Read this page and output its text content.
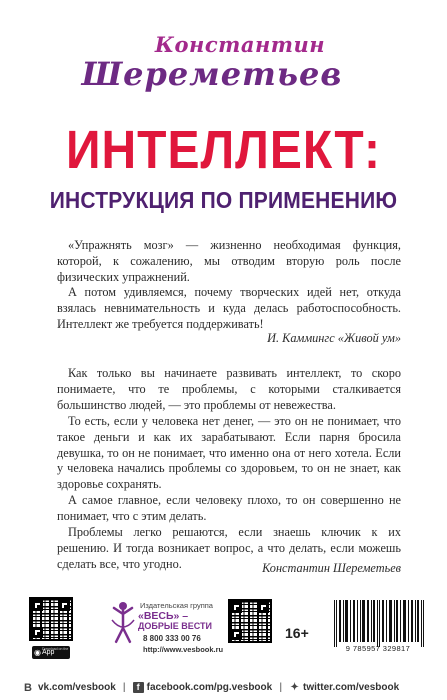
Константин
Шереметьев
ИНТЕЛЛЕКТ:
ИНСТРУКЦИЯ ПО ПРИМЕНЕНИЮ

«Упражнять мозг» — жизненно необходимая функция, которой, к сожалению, мы отводим вторую роль после физических упражнений.

А потом удивляемся, почему творческих идей нет, откуда взялась невнимательность и куда делась работоспособность. Интеллект же требуется поддерживать!

И. Каммингс «Живой ум»

Как только вы начинаете развивать интеллект, то скоро понимаете, что те проблемы, с которыми сталкивается большинство людей, — это проблемы от невежества.

То есть, если у человека нет денег, — это он не понимает, что такое деньги и как их зарабатывают. Если парня бросила девушка, то он не понимает, что именно она от него хотела. Если у человека начались проблемы со здоровьем, то он не знает, как здоровье сохранять.

А самое главное, если человеку плохо, то он совершенно не понимает, что с этим делать.

Проблемы легко решаются, если знаешь ключик к их решению. И тогда возникает вопрос, а что делать, если можешь сделать все, что угодно.	Константин Шереметьев
◉ Download on the
App Store
Издательская группа
«ВЕСЬ» –
ДОБРЫЕ ВЕСТИ
8 800 333 00 76
http://www.vesbook.ru
16+
9 785957 329817
В vk.com/vesbook |	f facebook.com/pg.vesbook | ✦ twitter.com/vesbook
